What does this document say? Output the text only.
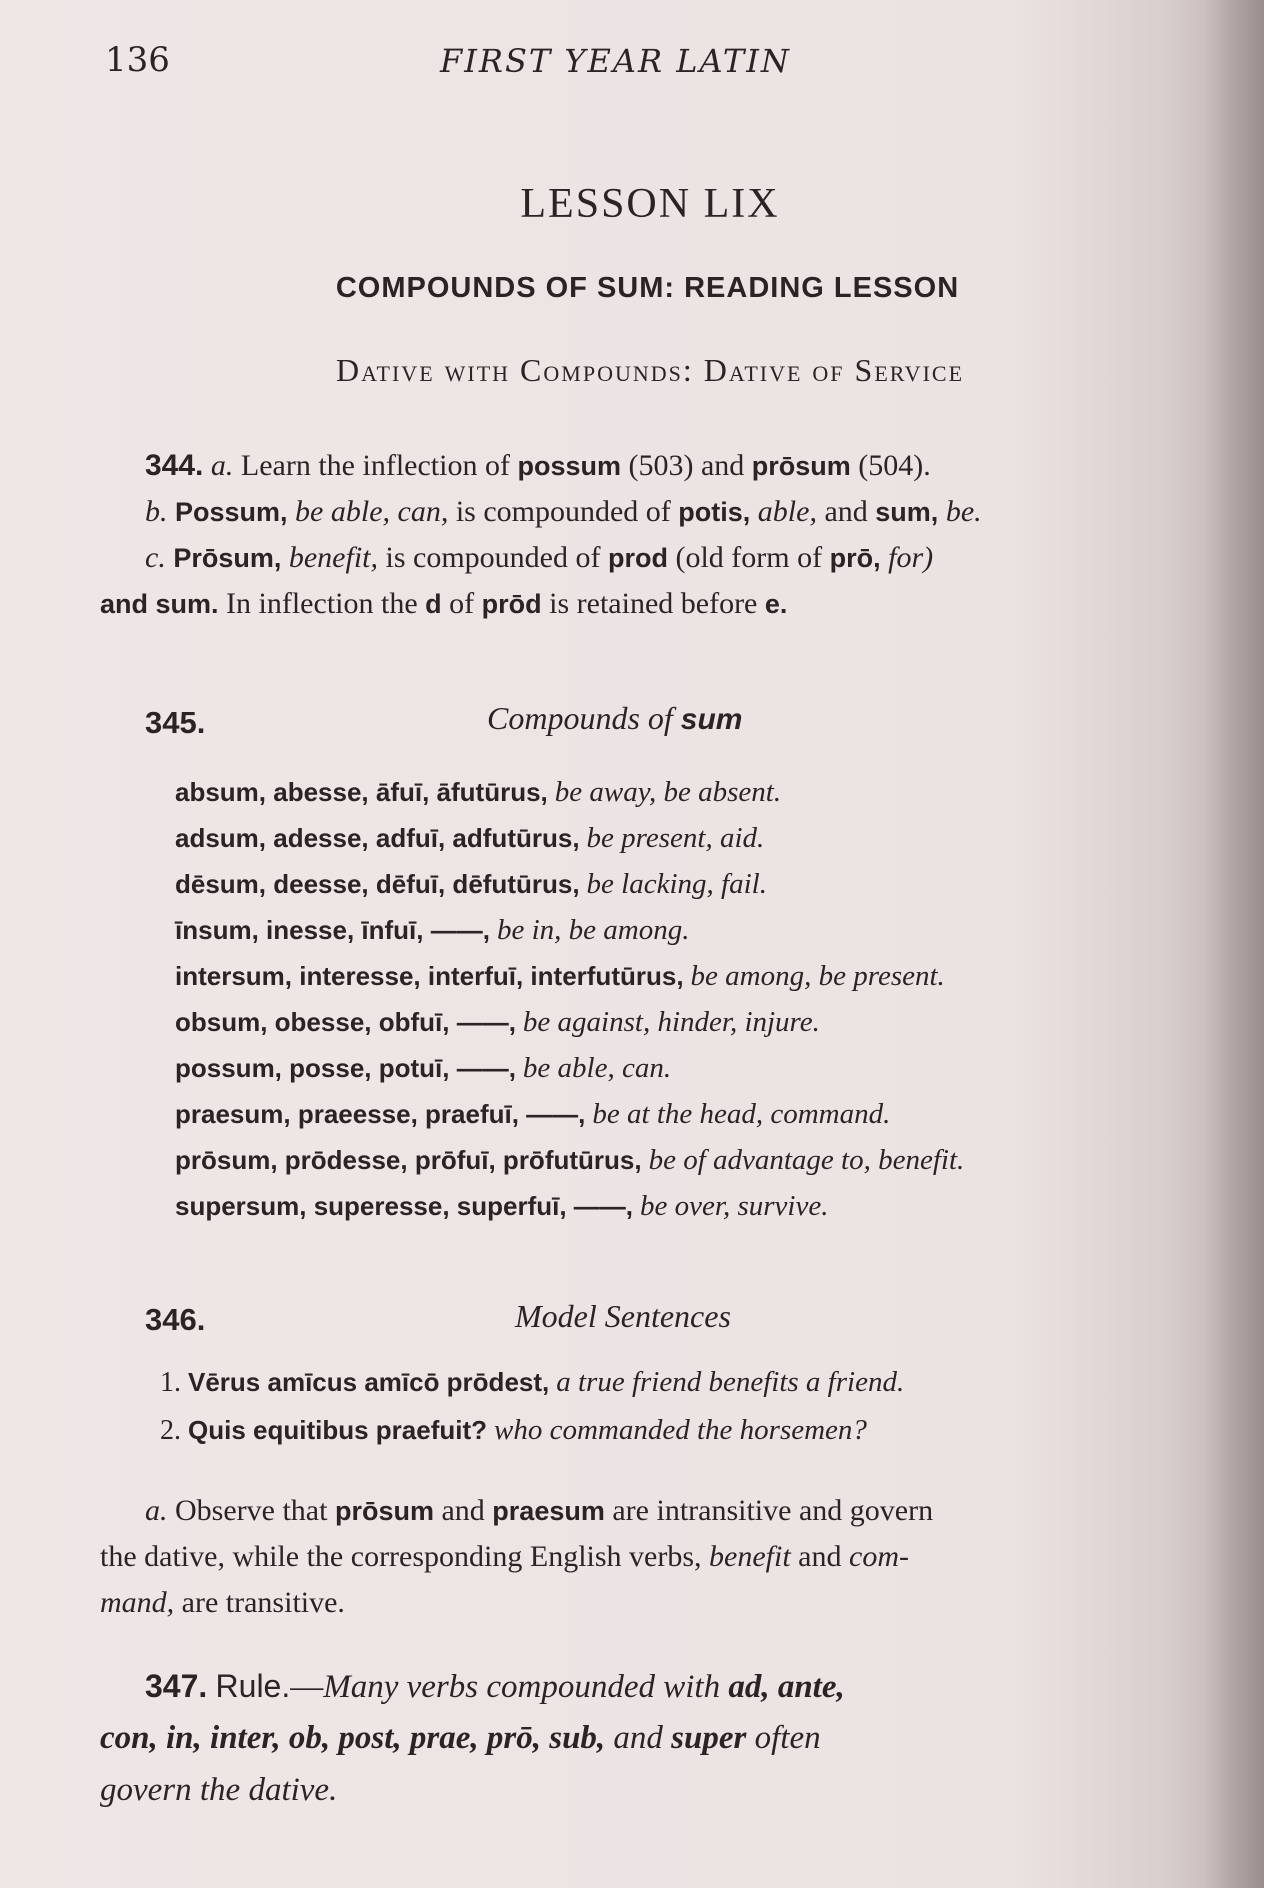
136	FIRST YEAR LATIN
LESSON LIX
COMPOUNDS OF SUM: READING LESSON
Dative with Compounds: Dative of Service
344. a. Learn the inflection of possum (503) and prōsum (504).
b. Possum, be able, can, is compounded of potis, able, and sum, be.
c. Prōsum, benefit, is compounded of prod (old form of prō, for)
and sum. In inflection the d of prōd is retained before e.
345.	Compounds of sum
absum, abesse, āfuī, āfutūrus, be away, be absent.
adsum, adesse, adfuī, adfutūrus, be present, aid.
dēsum, deesse, dēfuī, dēfutūrus, be lacking, fail.
īnsum, inesse, īnfuī, ——, be in, be among.
intersum, interesse, interfuī, interfutūrus, be among, be present.
obsum, obesse, obfuī, ——, be against, hinder, injure.
possum, posse, potuī, ——, be able, can.
praesum, praeesse, praefuī, ——, be at the head, command.
prōsum, prōdesse, prōfuī, prōfutūrus, be of advantage to, benefit.
supersum, superesse, superfuī, ——, be over, survive.
346.	Model Sentences
1. Vērus amīcus amīcō prōdest, a true friend benefits a friend.
2. Quis equitibus praefuit? who commanded the horsemen?
a. Observe that prōsum and praesum are intransitive and govern
the dative, while the corresponding English verbs, benefit and com-
mand, are transitive.
347. Rule.—Many verbs compounded with ad, ante,
con, in, inter, ob, post, prae, prō, sub, and super often
govern the dative.
